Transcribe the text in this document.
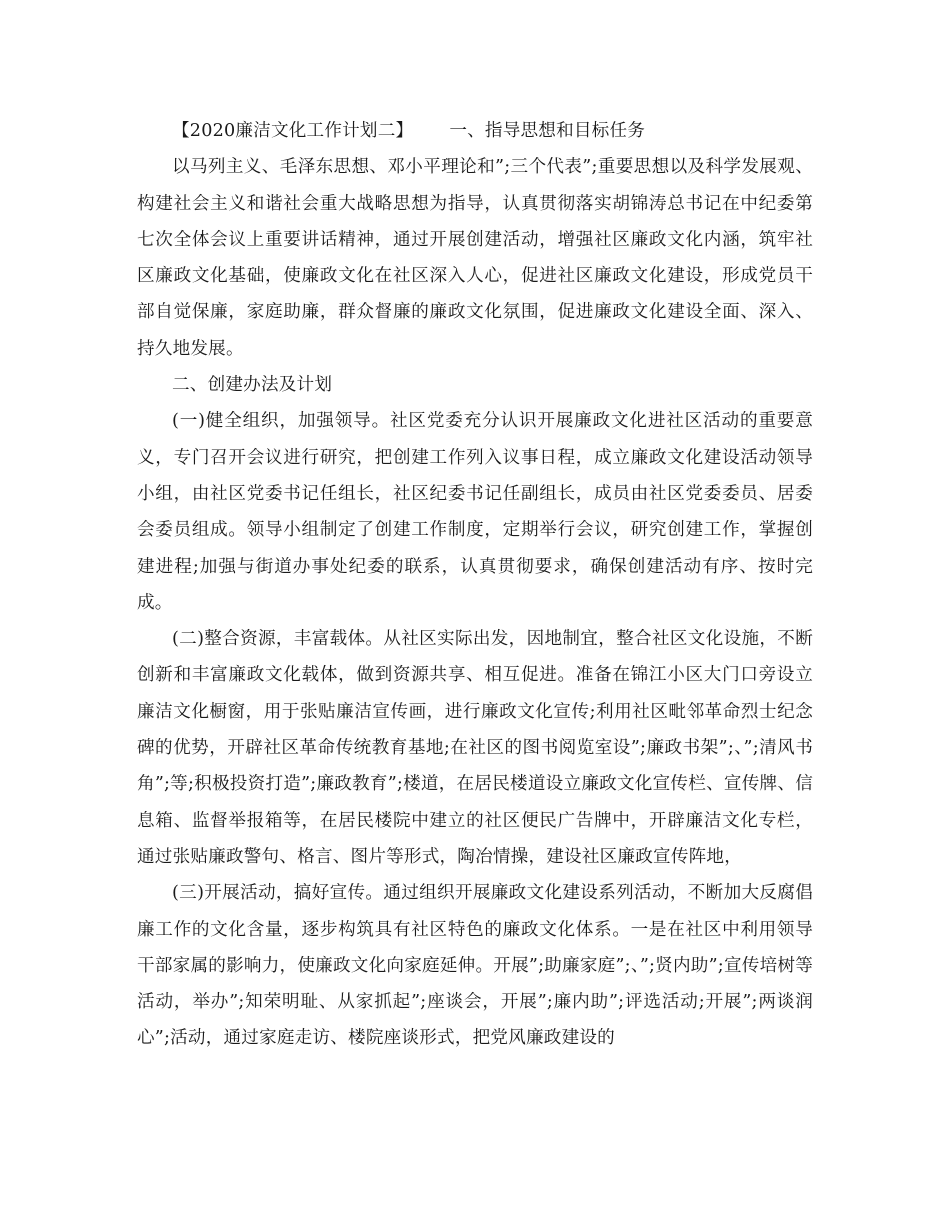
【2020廉洁文化工作计划二】 一、指导思想和目标任务

以马列主义、毛泽东思想、邓小平理论和”;三个代表”;重要思想以及科学发展观、构建社会主义和谐社会重大战略思想为指导，认真贯彻落实胡锦涛总书记在中纪委第七次全体会议上重要讲话精神，通过开展创建活动，增强社区廉政文化内涵，筑牢社区廉政文化基础，使廉政文化在社区深入人心，促进社区廉政文化建设，形成党员干部自觉保廉，家庭助廉，群众督廉的廉政文化氛围，促进廉政文化建设全面、深入、持久地发展。

二、创建办法及计划

(一)健全组织，加强领导。社区党委充分认识开展廉政文化进社区活动的重要意义，专门召开会议进行研究，把创建工作列入议事日程，成立廉政文化建设活动领导小组，由社区党委书记任组长，社区纪委书记任副组长，成员由社区党委委员、居委会委员组成。领导小组制定了创建工作制度，定期举行会议，研究创建工作，掌握创建进程;加强与街道办事处纪委的联系，认真贯彻要求，确保创建活动有序、按时完成。

(二)整合资源，丰富载体。从社区实际出发，因地制宜，整合社区文化设施，不断创新和丰富廉政文化载体，做到资源共享、相互促进。准备在锦江小区大门口旁设立廉洁文化橱窗，用于张贴廉洁宣传画，进行廉政文化宣传;利用社区毗邻革命烈士纪念碑的优势，开辟社区革命传统教育基地;在社区的图书阅览室设”;廉政书架”;、”;清风书角”;等;积极投资打造”;廉政教育”;楼道，在居民楼道设立廉政文化宣传栏、宣传牌、信息箱、监督举报箱等，在居民楼院中建立的社区便民广告牌中，开辟廉洁文化专栏，通过张贴廉政警句、格言、图片等形式，陶冶情操，建设社区廉政宣传阵地，

(三)开展活动，搞好宣传。通过组织开展廉政文化建设系列活动，不断加大反腐倡廉工作的文化含量，逐步构筑具有社区特色的廉政文化体系。一是在社区中利用领导干部家属的影响力，使廉政文化向家庭延伸。开展”;助廉家庭”;、”;贤内助”;宣传培树等活动，举办”;知荣明耻、从家抓起”;座谈会，开展”;廉内助”;评选活动;开展”;两谈润心”;活动，通过家庭走访、楼院座谈形式，把党风廉政建设的
